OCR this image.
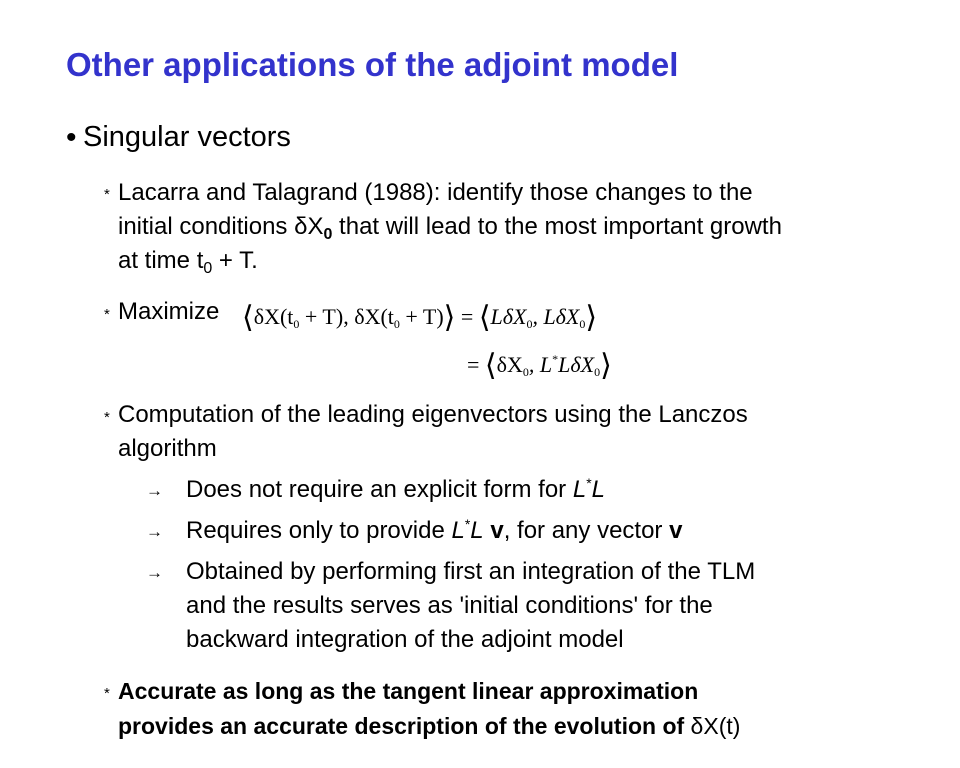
Other applications of the adjoint model
• Singular vectors
* Lacarra and Talagrand (1988): identify those changes to the
initial conditions $\delta X_0$ that will lead to the most important growth
at time $t_0 + T$.
* Maximize $⟨\delta X(t_0 + T)$, $\delta X(t_0$ + T)⟩ = ⟨LδX$_0$, LδX$_0$⟩
= $⟨\delta X_0$, L*LδX$_0$⟩
* Computation of the leading eigenvectors using the Lanczos
algorithm
→ Does not require an explicit form for L*L
→ Requires only to provide L*L v, for any vector v
→ Obtained by performing first an integration of the TLM
and the results serves as 'initial conditions' for the
backward integration of the adjoint model
* Accurate as long as the tangent linear approximation
provides an accurate description of the evolution of δX(t)
